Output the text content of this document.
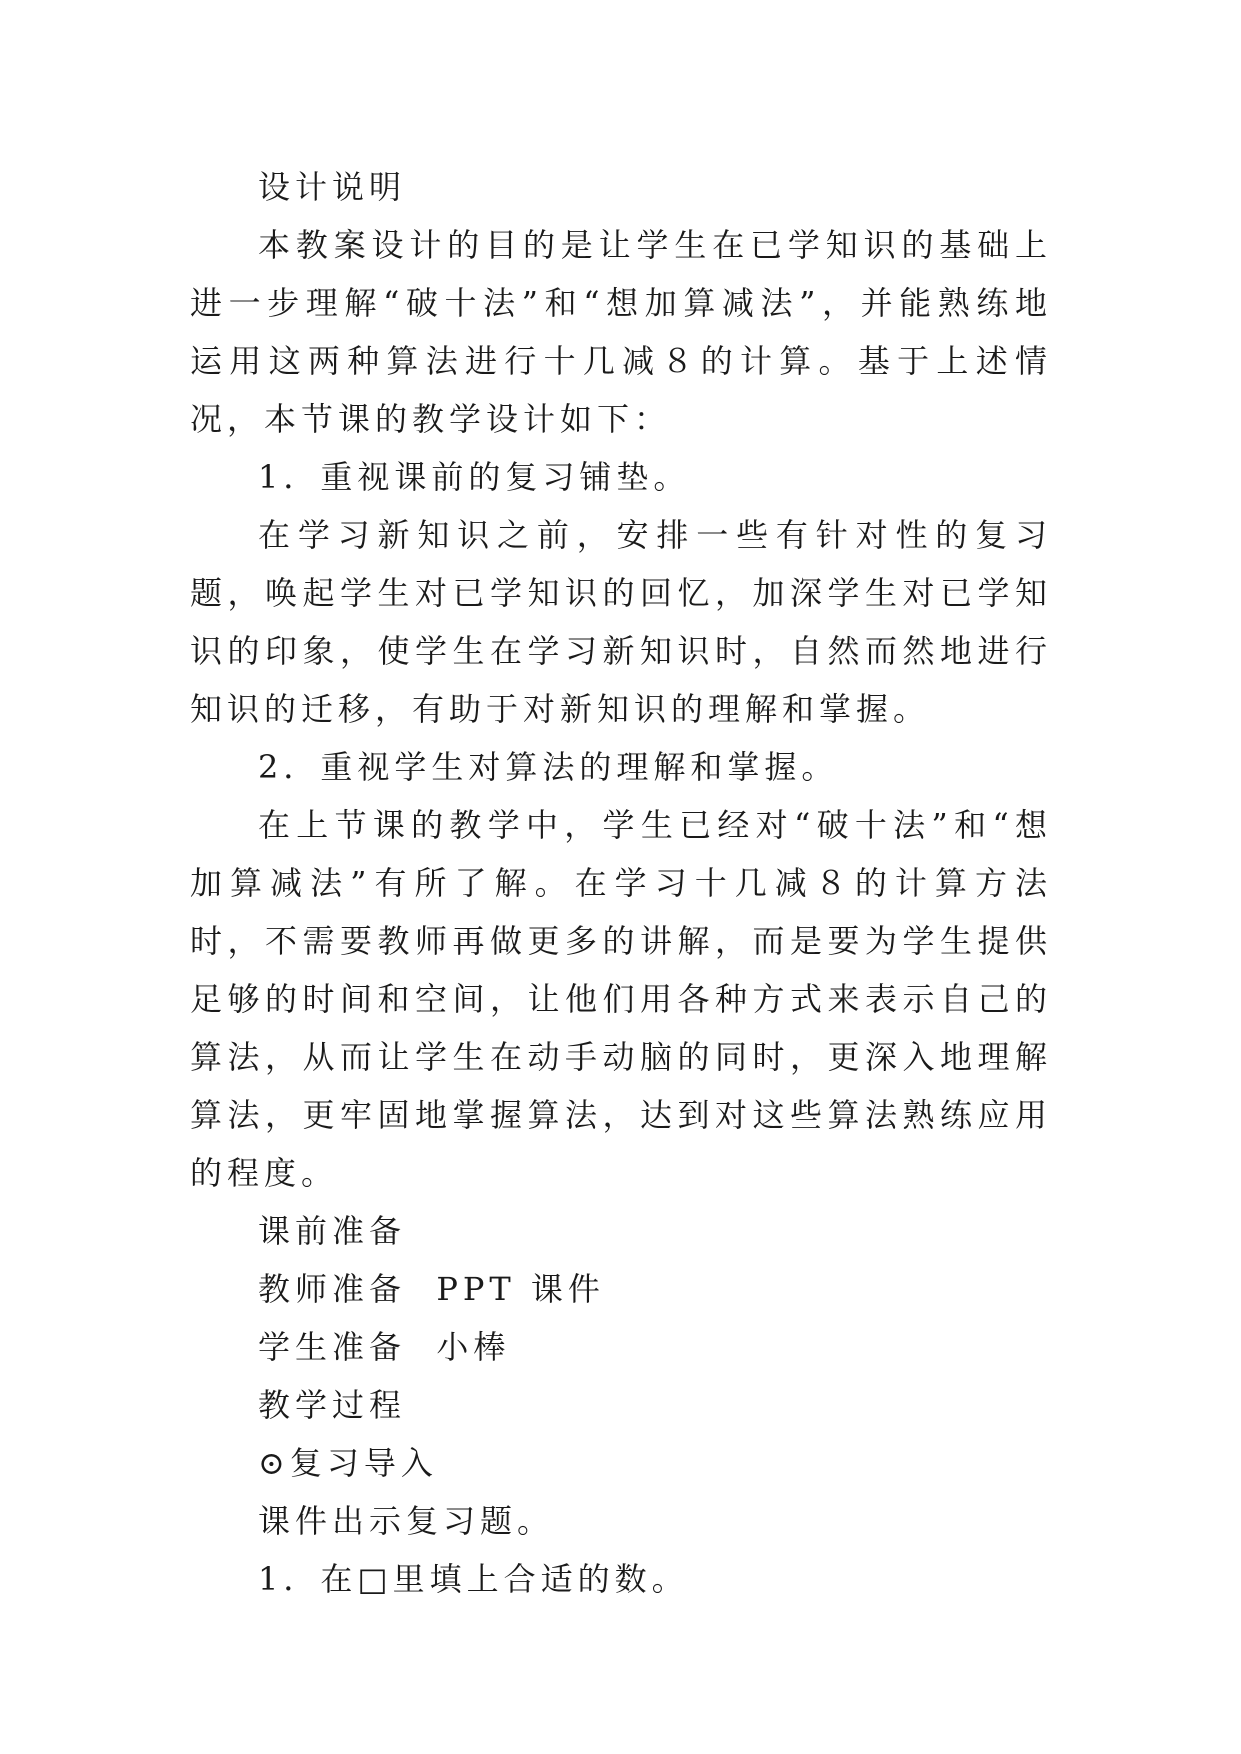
设计说明

本教案设计的目的是让学生在已学知识的基础上进一步理解“破十法”和“想加算减法”，并能熟练地运用这两种算法进行十几减８的计算。基于上述情况，本节课的教学设计如下：

1．重视课前的复习铺垫。

在学习新知识之前，安排一些有针对性的复习题，唤起学生对已学知识的回忆，加深学生对已学知识的印象，使学生在学习新知识时，自然而然地进行知识的迁移，有助于对新知识的理解和掌握。

2．重视学生对算法的理解和掌握。

在上节课的教学中，学生已经对“破十法”和“想加算减法”有所了解。在学习十几减８的计算方法时，不需要教师再做更多的讲解，而是要为学生提供足够的时间和空间，让他们用各种方式来表示自己的算法，从而让学生在动手动脑的同时，更深入地理解算法，更牢固地掌握算法，达到对这些算法熟练应用的程度。

课前准备

教师准备  PPT 课件

学生准备  小棒

教学过程

⊙复习导入

课件出示复习题。

1．在□里填上合适的数。
